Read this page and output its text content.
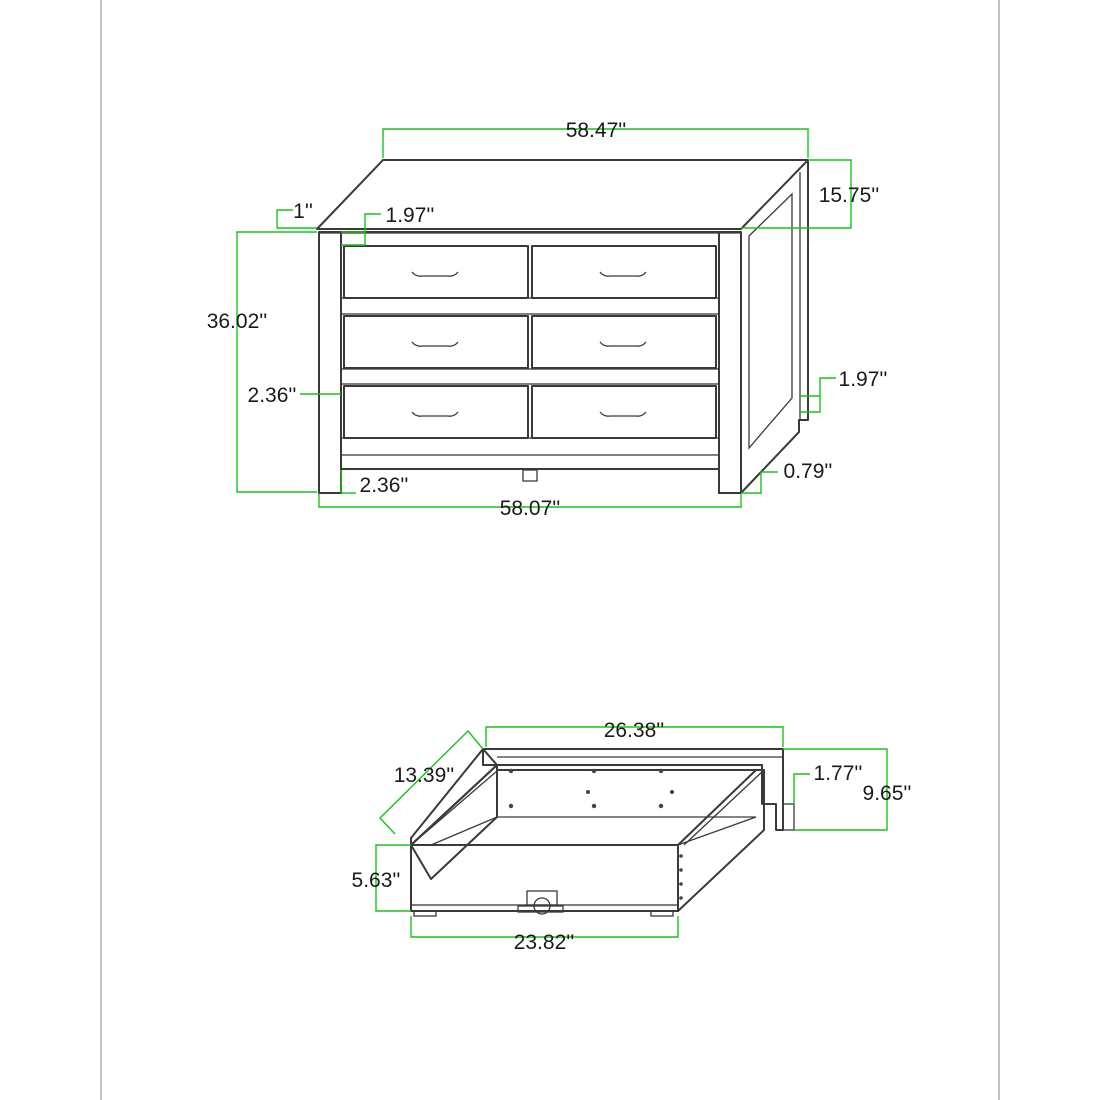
58.47''
15.75''
1''	1.97''
36.02''
2.36''
1.97''
2.36''
58.07''
0.79''
26.38''
13.39''	1.77''
9.65''
5.63''
23.82''
